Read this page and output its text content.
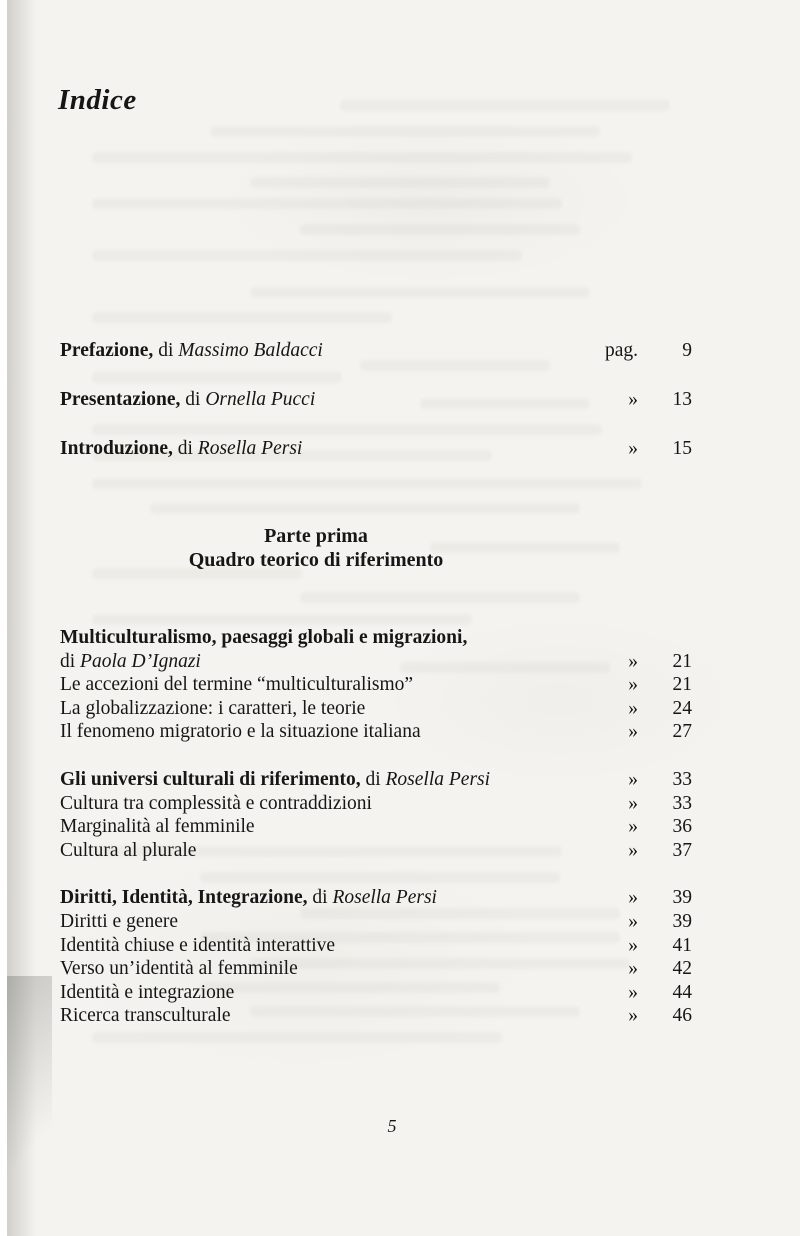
Indice
Prefazione, di Massimo Baldacci	pag.	9
Presentazione, di Ornella Pucci	»	13
Introduzione, di Rosella Persi	»	15
Parte prima
Quadro teorico di riferimento
Multiculturalismo, paesaggi globali e migrazioni,
di Paola D’Ignazi	»	21
Le accezioni del termine “multiculturalismo”	»	21
La globalizzazione: i caratteri, le teorie	»	24
Il fenomeno migratorio e la situazione italiana	»	27
Gli universi culturali di riferimento, di Rosella Persi	»	33
Cultura tra complessità e contraddizioni	»	33
Marginalità al femminile	»	36
Cultura al plurale	»	37
Diritti, Identità, Integrazione, di Rosella Persi	»	39
Diritti e genere	»	39
Identità chiuse e identità interattive	»	41
Verso un’identità al femminile	»	42
Identità e integrazione	»	44
Ricerca transculturale	»	46
5
